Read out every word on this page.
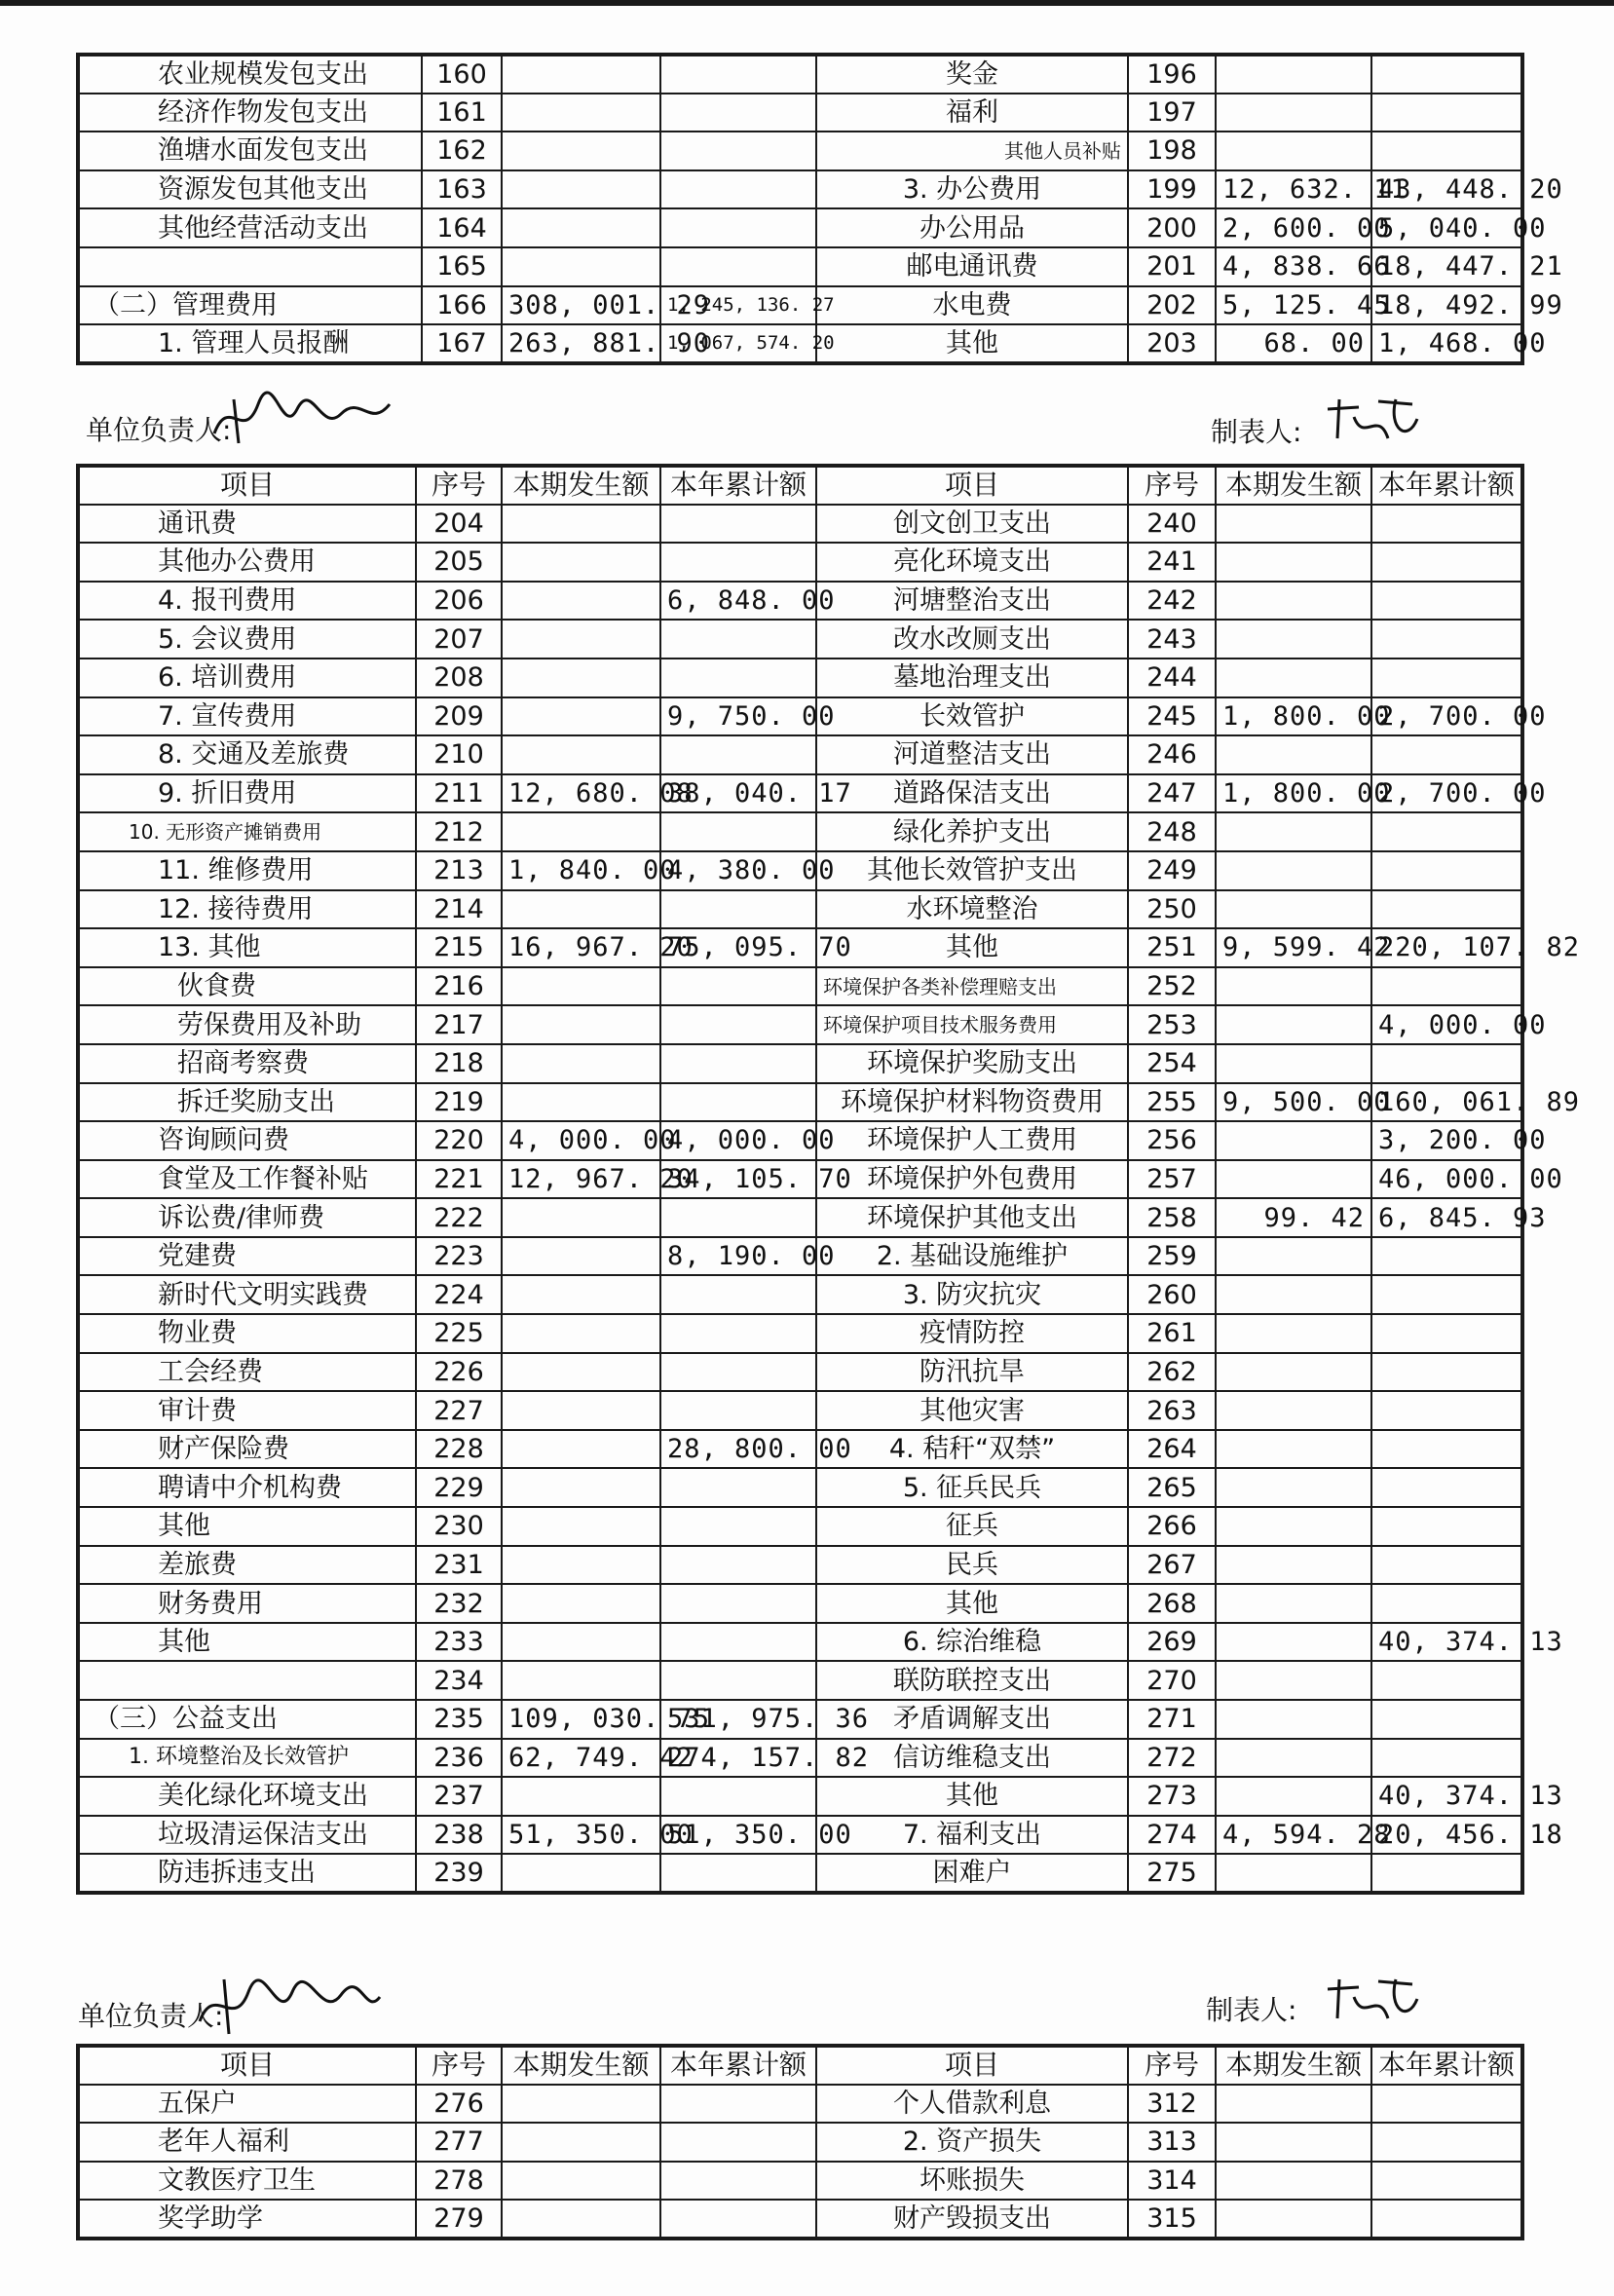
农业规模发包支出	160			奖金	196		
经济作物发包支出	161			福利	197		
渔塘水面发包支出	162			其他人员补贴	198		
资源发包其他支出	163			3. 办公费用	199	12, 632. 11	43, 448. 20
其他经营活动支出	164			办公用品	200	2, 600. 00	5, 040. 00
	165			邮电通讯费	201	4, 838. 66	18, 447. 21
（二）管理费用	166	308, 001. 29	1, 245, 136. 27	水电费	202	5, 125. 45	18, 492. 99
1. 管理人员报酬	167	263, 881. 90	1, 067, 574. 20	其他	203	68. 00	1, 468. 00
单位负责人:	制表人:
项目	序号	本期发生额	本年累计额	项目	序号	本期发生额	本年累计额
通讯费	204			创文创卫支出	240		
其他办公费用	205			亮化环境支出	241		
4. 报刊费用	206		6, 848. 00	河塘整治支出	242		
5. 会议费用	207			改水改厕支出	243		
6. 培训费用	208			墓地治理支出	244		
7. 宣传费用	209		9, 750. 00	长效管护	245	1, 800. 00	2, 700. 00
8. 交通及差旅费	210			河道整洁支出	246		
9. 折旧费用	211	12, 680. 08	38, 040. 17	道路保洁支出	247	1, 800. 00	2, 700. 00
10. 无形资产摊销费用	212			绿化养护支出	248		
11. 维修费用	213	1, 840. 00	4, 380. 00	其他长效管护支出	249		
12. 接待费用	214			水环境整治	250		
13. 其他	215	16, 967. 20	75, 095. 70	其他	251	9, 599. 42	220, 107. 82
伙食费	216			环境保护各类补偿理赔支出	252		
劳保费用及补助	217			环境保护项目技术服务费用	253		4, 000. 00
招商考察费	218			环境保护奖励支出	254		
拆迁奖励支出	219			环境保护材料物资费用	255	9, 500. 00	160, 061. 89
咨询顾问费	220	4, 000. 00	4, 000. 00	环境保护人工费用	256		3, 200. 00
食堂及工作餐补贴	221	12, 967. 20	34, 105. 70	环境保护外包费用	257		46, 000. 00
诉讼费/律师费	222			环境保护其他支出	258	99. 42	6, 845. 93
党建费	223		8, 190. 00	2. 基础设施维护	259		
新时代文明实践费	224			3. 防灾抗灾	260		
物业费	225			疫情防控	261		
工会经费	226			防汛抗旱	262		
审计费	227			其他灾害	263		
财产保险费	228		28, 800. 00	4. 秸秆“双禁”	264		
聘请中介机构费	229			5. 征兵民兵	265		
其他	230			征兵	266		
差旅费	231			民兵	267		
财务费用	232			其他	268		
其他	233			6. 综治维稳	269		40, 374. 13
	234			联防联控支出	270		
（三）公益支出	235	109, 030. 75	531, 975. 36	矛盾调解支出	271		
1. 环境整治及长效管护	236	62, 749. 42	274, 157. 82	信访维稳支出	272		
美化绿化环境支出	237			其他	273		40, 374. 13
垃圾清运保洁支出	238	51, 350. 00	51, 350. 00	7. 福利支出	274	4, 594. 28	20, 456. 18
防违拆违支出	239			困难户	275		
单位负责人:	制表人:
项目	序号	本期发生额	本年累计额	项目	序号	本期发生额	本年累计额
五保户	276			个人借款利息	312		
老年人福利	277			2. 资产损失	313		
文教医疗卫生	278			坏账损失	314		
奖学助学	279			财产毁损支出	315		
